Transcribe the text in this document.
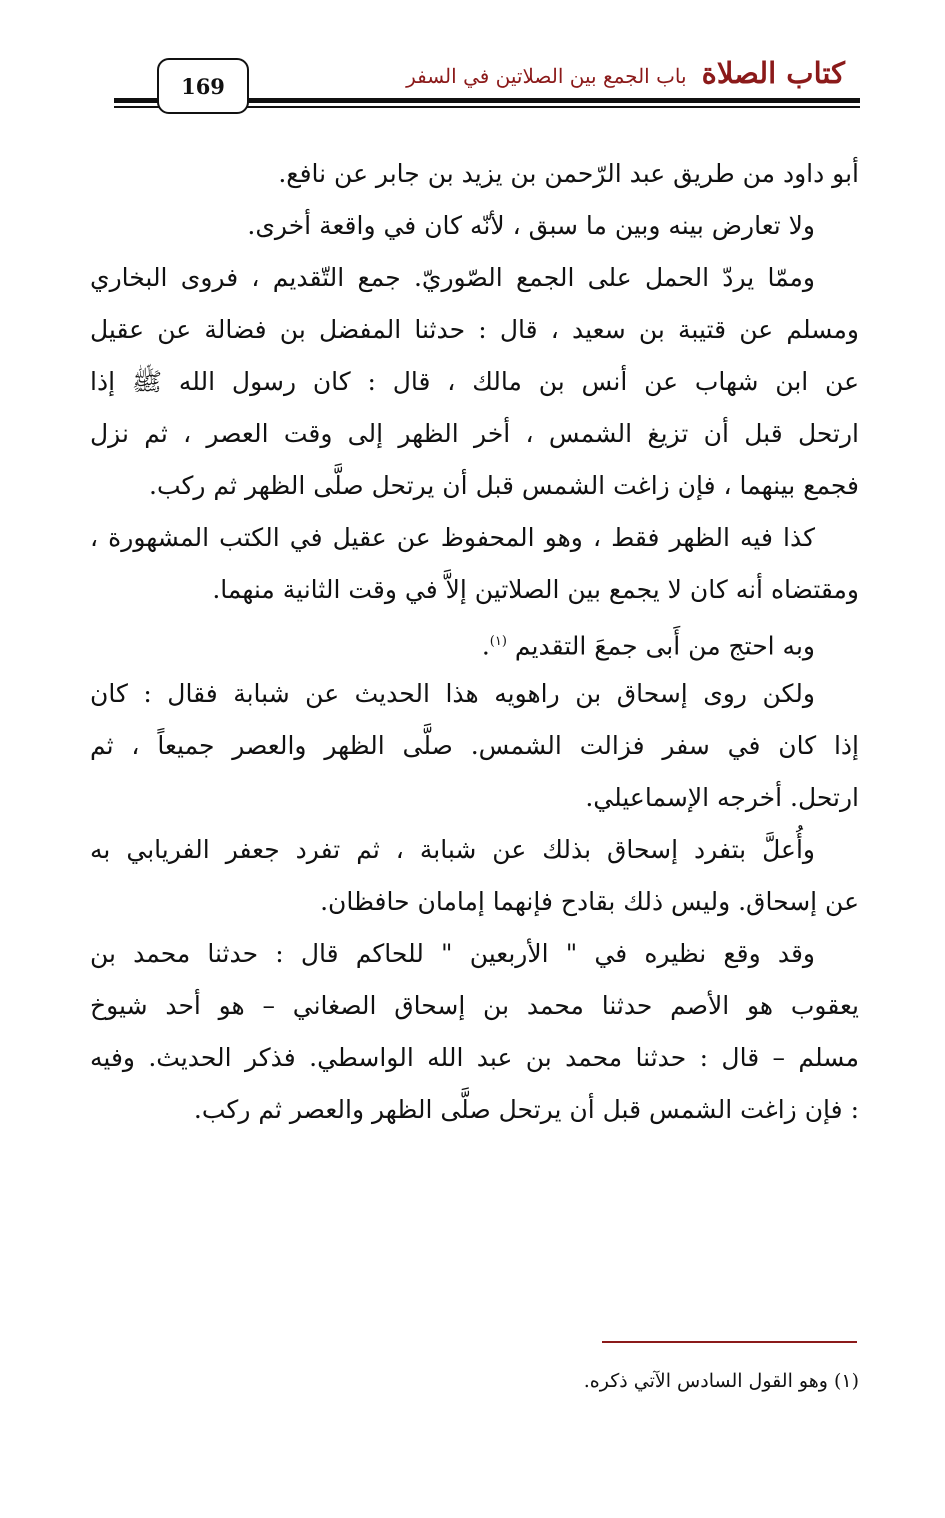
كتاب الصلاة باب الجمع بين الصلاتين في السفر
169
أبو داود من طريق عبد الرّحمن بن يزيد بن جابر عن نافع.
ولا تعارض بينه وبين ما سبق ، لأنّه كان في واقعة أخرى.
وممّا يردّ الحمل على الجمع الصّوريّ. جمع التّقديم ، فروى البخاري
ومسلم عن قتيبة بن سعيد ، قال : حدثنا المفضل بن فضالة عن عقيل
عن ابن شهاب عن أنس بن مالك ، قال : كان رسول الله ﷺ إذا
ارتحل قبل أن تزيغ الشمس ، أخر الظهر إلى وقت العصر ، ثم نزل
فجمع بينهما ، فإن زاغت الشمس قبل أن يرتحل صلَّى الظهر ثم ركب.
كذا فيه الظهر فقط ، وهو المحفوظ عن عقيل في الكتب المشهورة ،
ومقتضاه أنه كان لا يجمع بين الصلاتين إلاَّ في وقت الثانية منهما.
وبه احتج من أَبى جمعَ التقديم $^{(١)}$.
ولكن روى إسحاق بن راهويه هذا الحديث عن شبابة فقال : كان
إذا كان في سفر فزالت الشمس. صلَّى الظهر والعصر جميعاً ، ثم
ارتحل. أخرجه الإسماعيلي.
وأُعلَّ بتفرد إسحاق بذلك عن شبابة ، ثم تفرد جعفر الفريابي به
عن إسحاق. وليس ذلك بقادح فإنهما إمامان حافظان.
وقد وقع نظيره في " الأربعين " للحاكم قال : حدثنا محمد بن
يعقوب هو الأصم حدثنا محمد بن إسحاق الصغاني – هو أحد شيوخ
مسلم – قال : حدثنا محمد بن عبد الله الواسطي. فذكر الحديث. وفيه
: فإن زاغت الشمس قبل أن يرتحل صلَّى الظهر والعصر ثم ركب.
(١) وهو القول السادس الآتي ذكره.
